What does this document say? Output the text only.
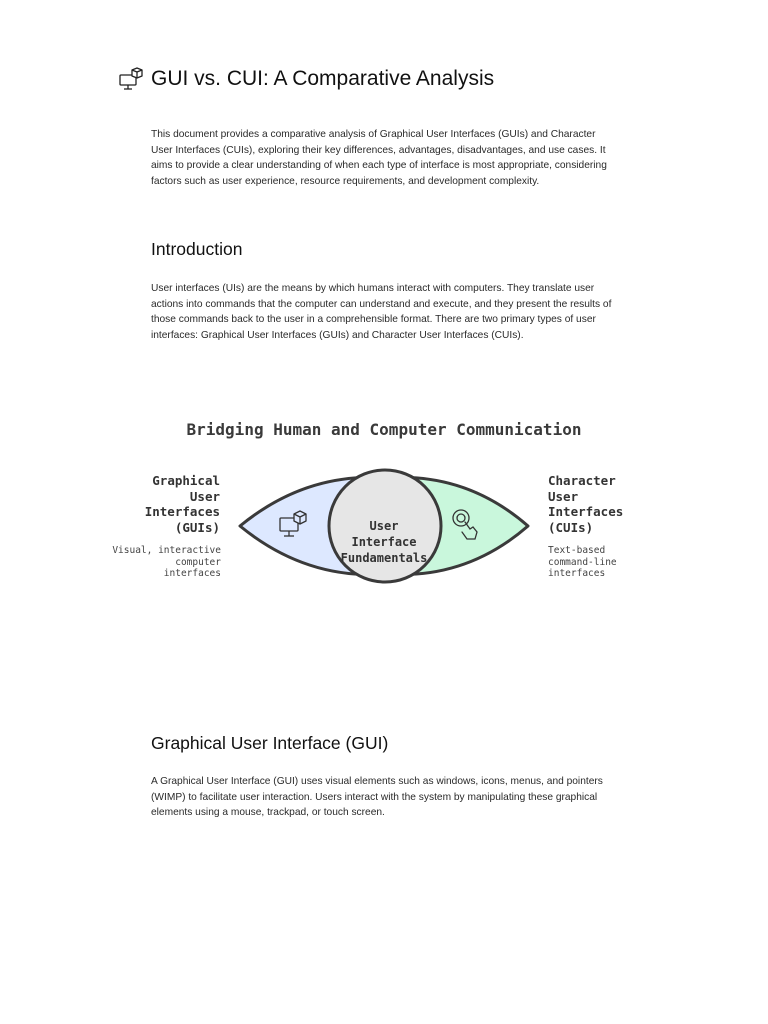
GUI vs. CUI: A Comparative Analysis

This document provides a comparative analysis of Graphical User Interfaces (GUIs) and Character User Interfaces (CUIs), exploring their key differences, advantages, disadvantages, and use cases. It aims to provide a clear understanding of when each type of interface is most appropriate, considering factors such as user experience, resource requirements, and development complexity.

Introduction

User interfaces (UIs) are the means by which humans interact with computers. They translate user actions into commands that the computer can understand and execute, and they present the results of those commands back to the user in a comprehensible format. There are two primary types of user interfaces: Graphical User Interfaces (GUIs) and Character User Interfaces (CUIs).

Bridging Human and Computer Communication
Graphical
User
Interfaces
(GUIs)
Visual, interactive
computer
interfaces
Character
User
Interfaces
(CUIs)
Text-based
command-line
interfaces
User
Interface
Fundamentals
Graphical User Interface (GUI)

A Graphical User Interface (GUI) uses visual elements such as windows, icons, menus, and pointers (WIMP) to facilitate user interaction. Users interact with the system by manipulating these graphical elements using a mouse, trackpad, or touch screen.
